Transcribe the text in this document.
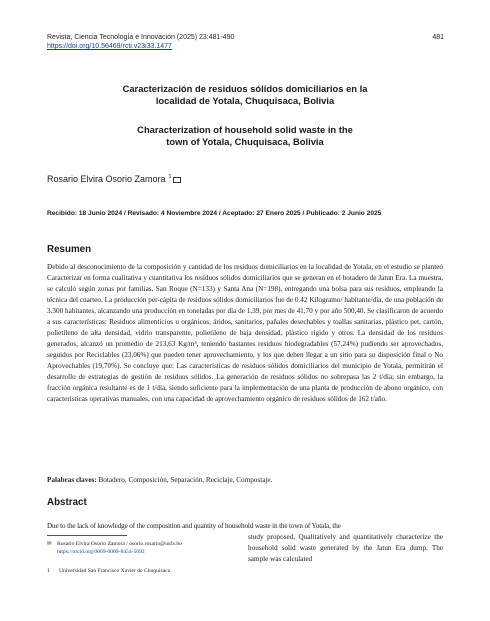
Revista, Ciencia Tecnología e Innovación (2025) 23:481-490
https://doi.org/10.56469/rcti.v23i33.1477
481
Caracterización de residuos sólidos domiciliarios en la
localidad de Yotala, Chuquisaca, Bolivia
Characterization of household solid waste in the
town of Yotala, Chuquisaca, Bolivia
Rosario Elvira Osorio Zamora $^1$
Recibido: 18 Junio 2024 / Revisado: 4 Noviembre 2024 / Aceptado: 27 Enero 2025 / Publicado: 2 Junio 2025
Resumen
Debido al desconocimiento de la composición y cantidad de los residuos domiciliarios en la localidad de Yotala, en el estudio se planteó Caracterizar en forma cualitativa y cuantitativa los residuos sólidos domiciliarios que se generan en el botadero de Jatun Era. La muestra, se calculó según zonas por familias, San Roque (N=133) y Santa Ana (N=198), entregando una bolsa para sus residuos, empleando la técnica del cuarteo. La producción per-cápita de residuos sólidos domiciliarios fue de 0.42 Kilogramo/ habitante/día, de una población de 3.300 habitantes, alcanzando una producción en toneladas por día de 1,39, por mes de 41,70 y por año 500,40. Se clasificaron de acuerdo a sus características: Residuos alimenticios u orgánicos, áridos, sanitarios, pañales desechables y toallas sanitarias, plástico pet, cartón, polietileno de alta densidad, vidrio transparente, polietileno de baja densidad, plástico rígido y otros. La densidad de los residuos generados, alcanzó un promedio de 213,63 Kg/m³, teniendo bastantes residuos biodegradables (57,24%) pudiendo ser aprovechados, seguidos por Reciclables (23,06%) que pueden tener aprovechamiento, y los que deben llegar a un sitio para su disposición final o No Aprovechables (19,70%). Se concluye que: Las características de residuos sólidos domiciliarios del municipio de Yotala, permitirán el desarrollo de estrategias de gestión de residuos sólidos. La generación de residuos sólidos no sobrepasa las 2 t/día; sin embargo, la fracción orgánica resultante es de 1 t/día, siendo suficiente para la implementación de una planta de producción de abono orgánico, con características operativas manuales, con una capacidad de aprovechamiento orgánico de residuos sólidos de 162 t/año.
Palabras claves: Botadero, Composición, Separación, Reciclaje, Compostaje.
Abstract
Due to the lack of knowledge of the composition and quantity of household waste in the town of Yotala, the
study proposed, Qualitatively and quantitatively characterize the household solid waste generated by the Jatun Era dump. The sample was calculated
✉ Rosario Elvira Osorio Zamora / osorio.rosario@usfx.bo
https://orcid.org/0009-0009-8454-5692
1 Universidad San Francisco Xavier de Chuquisaca
